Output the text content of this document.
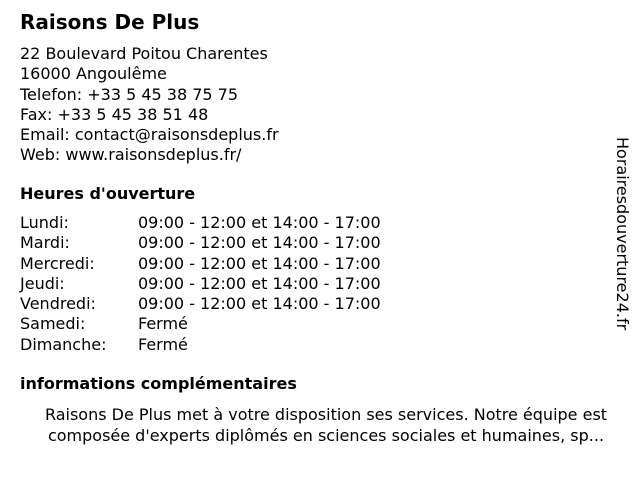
Raisons De Plus
22 Boulevard Poitou Charentes
16000 Angoulême
Telefon: +33 5 45 38 75 75
Fax: +33 5 45 38 51 48
Email: contact@raisonsdeplus.fr
Web: www.raisonsdeplus.fr/
Heures d'ouverture
Lundi:	09:00 - 12:00 et 14:00 - 17:00
Mardi:	09:00 - 12:00 et 14:00 - 17:00
Mercredi:	09:00 - 12:00 et 14:00 - 17:00
Jeudi:	09:00 - 12:00 et 14:00 - 17:00
Vendredi:	09:00 - 12:00 et 14:00 - 17:00
Samedi:	Fermé
Dimanche:	Fermé
informations complémentaires
Raisons De Plus met à votre disposition ses services. Notre équipe est
composée d'experts diplômés en sciences sociales et humaines, sp...
Horairesdouverture24.fr
